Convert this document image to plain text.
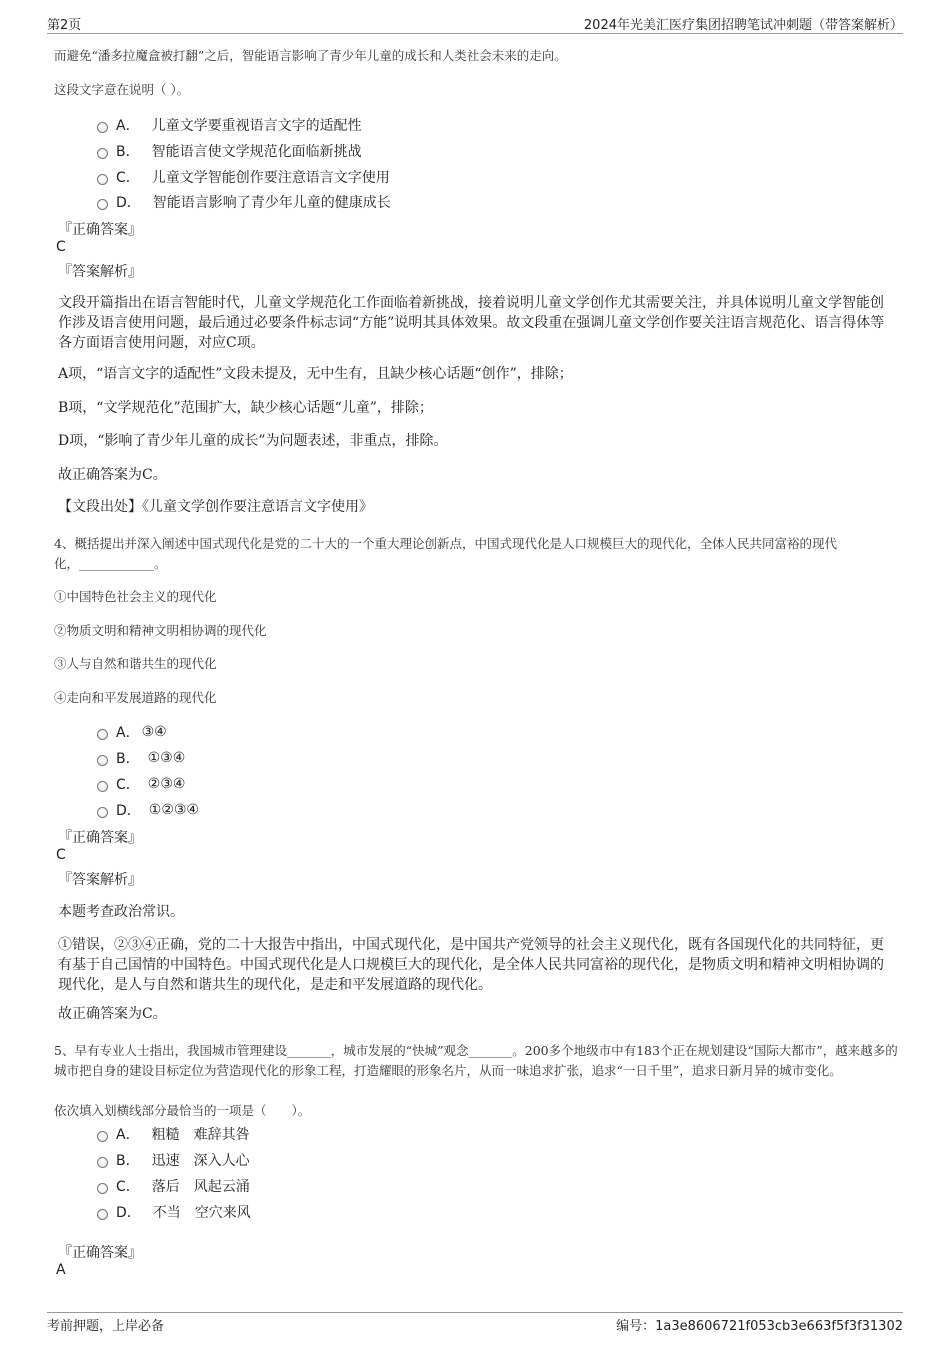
第2页	2024年光美汇医疗集团招聘笔试冲刺题（带答案解析）
而避免“潘多拉魔盒被打翻”之后，智能语言影响了青少年儿童的成长和人类社会未来的走向。
这段文字意在说明（ ）。
A． 儿童文学要重视语言文字的适配性
B． 智能语言使文学规范化面临新挑战
C． 儿童文学智能创作要注意语言文字使用
D． 智能语言影响了青少年儿童的健康成长
『正确答案』
C
『答案解析』
文段开篇指出在语言智能时代，儿童文学规范化工作面临着新挑战，接着说明儿童文学创作尤其需要关注，并具体说明儿童文学智能创作涉及语言使用问题，最后通过必要条件标志词“方能”说明其具体效果。故文段重在强调儿童文学创作要关注语言规范化、语言得体等各方面语言使用问题，对应C项。
A项，“语言文字的适配性”文段未提及，无中生有，且缺少核心话题“创作”，排除；
B项，“文学规范化”范围扩大，缺少核心话题“儿童”，排除；
D项，“影响了青少年儿童的成长”为问题表述，非重点，排除。
故正确答案为C。
【文段出处】《儿童文学创作要注意语言文字使用》
4、概括提出并深入阐述中国式现代化是党的二十大的一个重大理论创新点，中国式现代化是人口规模巨大的现代化，全体人民共同富裕的现代
化，____________。
①中国特色社会主义的现代化
②物质文明和精神文明相协调的现代化
③人与自然和谐共生的现代化
④走向和平发展道路的现代化
A． ③④
B． ①③④
C． ②③④
D． ①②③④
『正确答案』
C
『答案解析』
本题考查政治常识。
①错误，②③④正确，党的二十大报告中指出，中国式现代化，是中国共产党领导的社会主义现代化，既有各国现代化的共同特征，更有基于自己国情的中国特色。中国式现代化是人口规模巨大的现代化，是全体人民共同富裕的现代化，是物质文明和精神文明相协调的现代化，是人与自然和谐共生的现代化，是走和平发展道路的现代化。
故正确答案为C。
5、早有专业人士指出，我国城市管理建设_______，城市发展的“快城”观念_______。200多个地级市中有183个正在规划建设“国际大都市”，越来越多的城市把自身的建设目标定位为营造现代化的形象工程，打造耀眼的形象名片，从而一味追求扩张，追求“一日千里”，追求日新月异的城市变化。
依次填入划横线部分最恰当的一项是（　　）。
A． 粗糙 难辞其咎
B． 迅速 深入人心
C． 落后 风起云涌
D． 不当 空穴来风
『正确答案』
A
考前押题，上岸必备	编号：1a3e8606721f053cb3e663f5f3f31302
